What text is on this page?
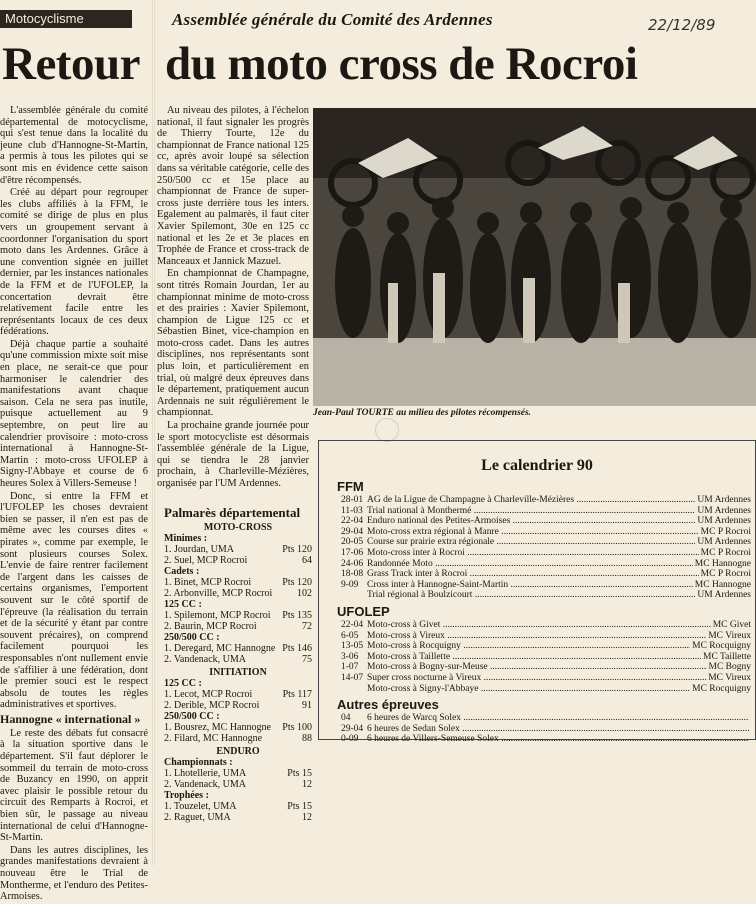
Motocyclisme	Assemblée générale du Comité des Ardennes	22/12/89
Retour du moto cross de Rocroi

L'assemblée générale du comité départemental de motocyclisme, qui s'est tenue dans la localité du jeune club d'Hannogne-St-Martin, a permis à tous les pilotes qui se sont mis en évidence cette saison d'être récompensés.

Créé au départ pour regrouper les clubs affiliés à la FFM, le comité se dirige de plus en plus vers un groupement servant à coordonner l'organisation du sport moto dans les Ardennes. Grâce à une convention signée en juillet dernier, par les instances nationales de la FFM et de l'UFOLEP, la concertation devrait être relativement facile entre les représentants locaux de ces deux fédérations.

Déjà chaque partie a souhaité qu'une commission mixte soit mise en place, ne serait-ce que pour harmoniser le calendrier des manifestations avant chaque saison. Cela ne sera pas inutile, puisque actuellement au 9 septembre, on peut lire au calendrier provisoire : moto-cross international à Hannogne-St-Martin : moto-cross UFOLEP à Signy-l'Abbaye et course de 6 heures Solex à Villers-Semeuse !

Donc, si entre la FFM et l'UFOLEP les choses devraient bien se passer, il n'en est pas de même avec les courses dites « pirates », comme par exemple, le sont plusieurs courses Solex. L'envie de faire rentrer facilement de l'argent dans les caisses de certains organismes, l'emportent souvent sur le côté sportif de l'épreuve (la réalisation du terrain et de la sécurité y étant par contre souvent précaires), on comprend facilement pourquoi les responsables n'ont nullement envie de s'affilier à une fédération, dont le premier souci est le respect absolu de toutes les règles administratives et sportives.

Hannogne « international »

Le reste des débats fut consacré à la situation sportive dans le département. S'il faut déplorer le sommeil du terrain de moto-cross de Buzancy en 1990, on apprit avec plaisir le possible retour du circuit des Remparts à Rocroi, et bien sûr, le passage au niveau international de celui d'Hannogne-St-Martin.

Dans les autres disciplines, les grandes manifestations devraient à nouveau être le Trial de Montherme, et l'enduro des Petites-Armoises.

Au niveau des pilotes, à l'échelon national, il faut signaler les progrès de Thierry Tourte, 12e du championnat de France national 125 cc, après avoir loupé sa sélection dans sa véritable catégorie, celle des 250/500 cc et 15e place au championnat de France de super-cross juste derrière tous les inters. Egalement au palmarès, il faut citer Xavier Spilemont, 30e en 125 cc national et les 2e et 3e places en Trophée de France et cross-track de Manceaux et Jannick Mazuel.

En championnat de Champagne, sont titrés Romain Jourdan, 1er au championnat minime de moto-cross et des prairies : Xavier Spilemont, champion de Ligue 125 cc et Sébastien Binet, vice-champion en moto-cross cadet. Dans les autres disciplines, nos représentants sont plus loin, et particulièrement en trial, où malgré deux épreuves dans le département, pratiquement aucun Ardennais ne suit régulièrement le championnat.

La prochaine grande journée pour le sport motocycliste est désormais l'assemblée générale de la Ligue, qui se tiendra le 28 janvier prochain, à Charleville-Mézières, organisée par l'UM Ardennes.

Palmarès départemental
MOTO-CROSS
Minimes :
1. Jourdan, UMA	Pts 120
2. Suel, MCP Rocroi	64
Cadets :
1. Binet, MCP Rocroi	Pts 120
2. Arbonville, MCP Rocroi 102
125 CC :
1. Spilemont, MCP Rocroi Pts 135
2. Baurin, MCP Rocroi	72
250/500 CC :
1. Deregard, MC Hannogne Pts 146
2. Vandenack, UMA	75
INITIATION
125 CC :
1. Lecot, MCP Rocroi	Pts 117
2. Derible, MCP Rocroi	91
250/500 CC :
1. Bousrez, MC Hannogne Pts 100
2. Filard, MC Hannogne	88
ENDURO
Championnats :
1. Lhotellerie, UMA	Pts 15
2. Vandenack, UMA	12
Trophées :
1. Touzelet, UMA	Pts 15
2. Raguet, UMA	12
Jean-Paul TOURTE au milieu des pilotes récompensés.
Le calendrier 90
FFM
28-01 AG de la Ligue de Champagne à Charleville-Mézières .....	UM Ardennes
11-03 Trial national à Monthermé .....	UM Ardennes
22-04 Enduro national des Petites-Armoises .....	UM Ardennes
29-04 Moto-cross extra régional à Manre .....	MC P Rocroi
20-05 Course sur prairie extra régionale .....	UM Ardennes
17-06 Moto-cross inter à Rocroi .....	MC P Rocroi
24-06 Randonnée Moto .....	MC Hannogne
18-08 Grass Track inter à Rocroi .....	MC P Rocroi
9-09 Cross inter à Hannogne-Saint-Martin .....	MC Hannogne
Trial régional à Boulzicourt .....	UM Ardennes
UFOLEP
22-04 Moto-cross à Givet .....	MC Givet
6-05 Moto-cross à Vireux .....	MC Vireux
13-05 Moto-cross à Rocquigny .....	MC Rocquigny
3-06 Moto-cross à Taillette .....	MC Taillette
1-07 Moto-cross à Bogny-sur-Meuse .....	MC Bogny
14-07 Super cross nocturne à Vireux .....	MC Vireux
Moto-cross à Signy-l'Abbaye .....	MC Rocquigny
Autres épreuves
04	6 heures de Warcq Solex .....
29-04 6 heures de Sedan Solex .....
0-09 6 heures de Villers-Semeuse Solex .....
